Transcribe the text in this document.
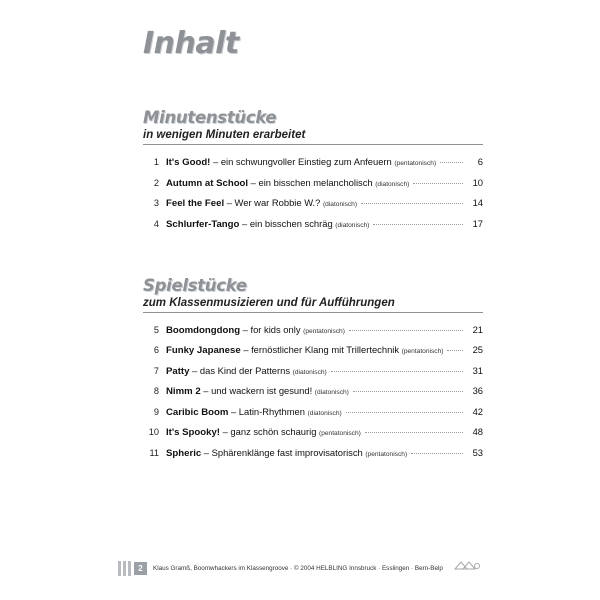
Inhalt
Minutenstücke
in wenigen Minuten erarbeitet
1 It's Good! – ein schwungvoller Einstieg zum Anfeuern (pentatonisch)	6
2 Autumn at School – ein bisschen melancholisch (diatonisch)	10
3 Feel the Feel – Wer war Robbie W.? (diatonisch)	14
4 Schlurfer-Tango – ein bisschen schräg (diatonisch)	17
Spielstücke
zum Klassenmusizieren und für Aufführungen
5 Boomdongdong – for kids only (pentatonisch)	21
6 Funky Japanese – fernöstlicher Klang mit Trillertechnik (pentatonisch)	25
7 Patty – das Kind der Patterns (diatonisch)	31
8 Nimm 2 – und wackern ist gesund! (diatonisch)	36
9 Caribic Boom – Latin-Rhythmen (diatonisch)	42
10 It's Spooky! – ganz schön schaurig (pentatonisch)	48
11 Spheric – Sphärenklänge fast improvisatorisch (pentatonisch)	53
2	Klaus Gramß, Boomwhackers im Klassengroove · © 2004 HELBLING Innsbruck · Esslingen · Bern-Belp
